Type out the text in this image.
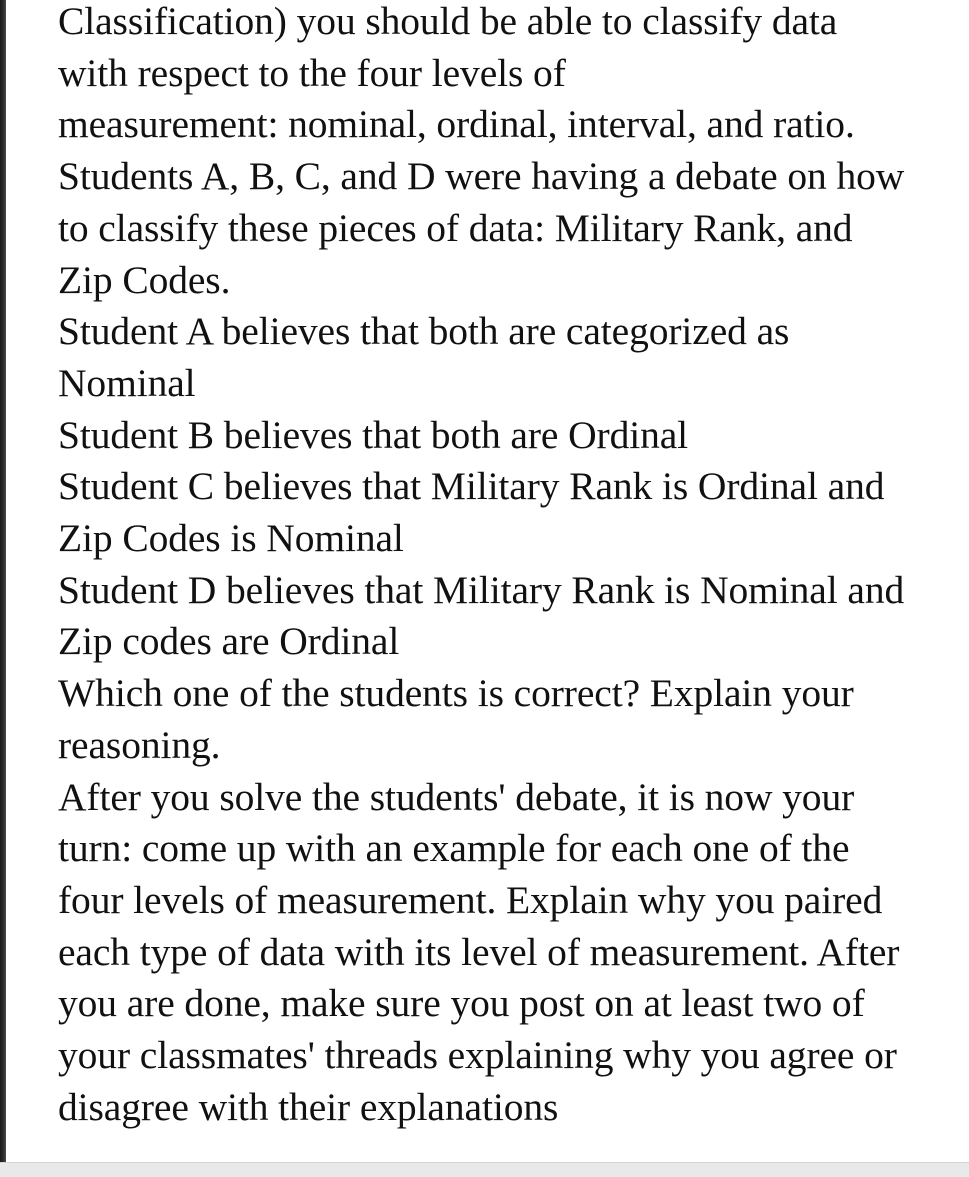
Classification) you should be able to classify data
with respect to the four levels of
measurement: nominal, ordinal, interval, and ratio.
Students A, B, C, and D were having a debate on how
to classify these pieces of data: Military Rank, and
Zip Codes.
Student A believes that both are categorized as
Nominal
Student B believes that both are Ordinal
Student C believes that Military Rank is Ordinal and
Zip Codes is Nominal
Student D believes that Military Rank is Nominal and
Zip codes are Ordinal
Which one of the students is correct? Explain your
reasoning.
After you solve the students' debate, it is now your
turn: come up with an example for each one of the
four levels of measurement. Explain why you paired
each type of data with its level of measurement. After
you are done, make sure you post on at least two of
your classmates' threads explaining why you agree or
disagree with their explanations
